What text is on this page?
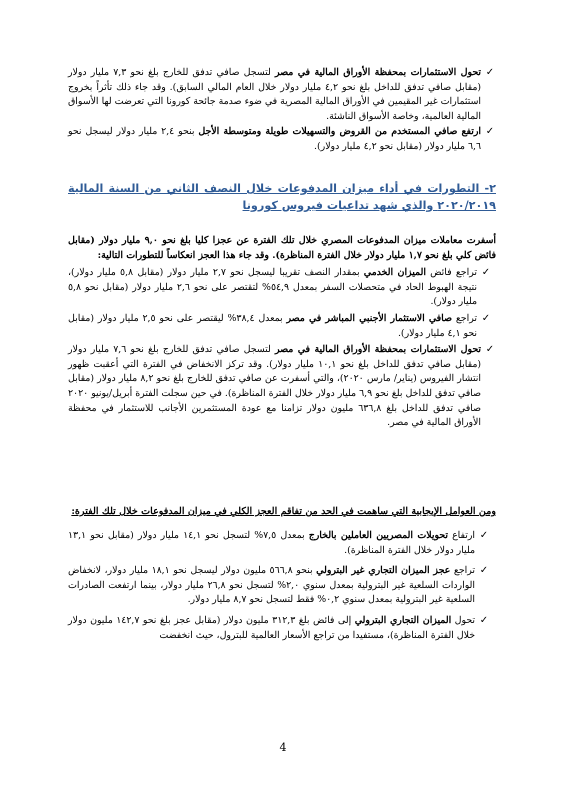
✓
تحول الاستثمارات بمحفظة الأوراق المالية في مصر لتسجل صافي تدفق للخارج بلغ نحو ٧,٣ مليار دولار (مقابل صافي تدفق للداخل بلغ نحو ٤,٢ مليار دولار خلال العام المالي السابق). وقد جاء ذلك تأثراً بخروج استثمارات غير المقيمين في الأوراق المالية المصرية في ضوء صدمة جائحة كورونا التي تعرضت لها الأسواق المالية العالمية، وخاصة الأسواق الناشئة.
✓
ارتفع صافي المستخدم من القروض والتسهيلات طويلة ومتوسطة الأجل بنحو ٢,٤ مليار دولار ليسجل نحو ٦,٦ مليار دولار (مقابل نحو ٤,٢ مليار دولار).
٢- التطورات في أداء ميزان المدفوعات خلال النصف الثاني من السنة المالية ٢٠٢٠/٢٠١٩ والذي شهد تداعيات فيروس كورونا

أسفرت معاملات ميزان المدفوعات المصري خلال تلك الفترة عن عجزا كليا بلغ نحو ٩,٠ مليار دولار (مقابل فائض كلي بلغ نحو ١,٧ مليار دولار خلال الفترة المناظرة). وقد جاء هذا العجز انعكاساً للتطورات التالية:

✓
تراجع فائض الميزان الخدمي بمقدار النصف تقريبا ليسجل نحو ٢,٧ مليار دولار (مقابل ٥,٨ مليار دولار)، نتيجة الهبوط الحاد في متحصلات السفر بمعدل ٥٤,٩% لتقتصر على نحو ٢,٦ مليار دولار (مقابل نحو ٥,٨ مليار دولار).
✓
تراجع صافي الاستثمار الأجنبي المباشر في مصر بمعدل ٣٨,٤% ليقتصر على نحو ٢,٥ مليار دولار (مقابل نحو ٤,١ مليار دولار).
✓
تحول الاستثمارات بمحفظة الأوراق المالية في مصر لتسجل صافي تدفق للخارج بلغ نحو ٧,٦ مليار دولار (مقابل صافي تدفق للداخل بلغ نحو ١٠,١ مليار دولار). وقد تركز الانخفاض في الفترة التي أعقبت ظهور انتشار الفيروس (يناير/ مارس ٢٠٢٠)، والتي أسفرت عن صافي تدفق للخارج بلغ نحو ٨,٢ مليار دولار (مقابل صافي تدفق للداخل بلغ نحو ٦,٩ مليار دولار خلال الفترة المناظرة). في حين سجلت الفترة أبريل/يونيو ٢٠٢٠ صافي تدفق للداخل بلغ ٦٣٦,٨ مليون دولار تزامنا مع عودة المستثمرين الأجانب للاستثمار في محفظة الأوراق المالية في مصر.

ومن العوامل الإيجابية التي ساهمت في الحد من تفاقم العجز الكلي في ميزان المدفوعات خلال تلك الفترة:

✓
ارتفاع تحويلات المصريين العاملين بالخارج بمعدل ٧,٥% لتسجل نحو ١٤,١ مليار دولار (مقابل نحو ١٣,١ مليار دولار خلال الفترة المناظرة).
✓
تراجع عجز الميزان التجاري غير البترولي بنحو ٥٦٦,٨ مليون دولار ليسجل نحو ١٨,١ مليار دولار، لانخفاض الواردات السلعية غير البترولية بمعدل سنوي ٢,٠% لتسجل نحو ٢٦,٨ مليار دولار، بينما ارتفعت الصادرات السلعية غير البترولية بمعدل سنوي ٠,٢% فقط لتسجل نحو ٨,٧ مليار دولار.
✓
تحول الميزان التجاري البترولي إلى فائض بلغ ٣١٢,٣ مليون دولار (مقابل عجز بلغ نحو ١٤٢,٧ مليون دولار خلال الفترة المناظرة)، مستفيدا من تراجع الأسعار العالمية للبترول، حيث انخفضت
4
